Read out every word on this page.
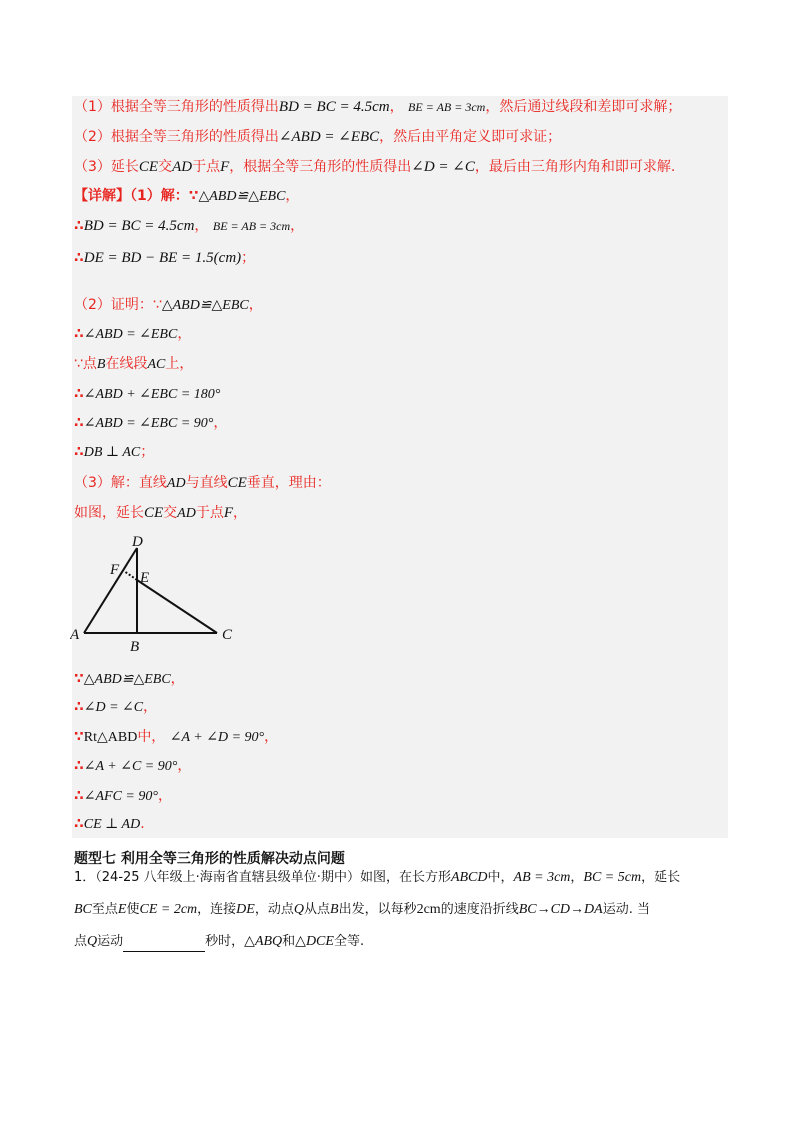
（1）根据全等三角形的性质得出BD = BC = 4.5cm， BE = AB = 3cm，然后通过线段和差即可求解；
（2）根据全等三角形的性质得出∠ABD = ∠EBC，然后由平角定义即可求证；
（3）延长CE交AD于点F，根据全等三角形的性质得出∠D = ∠C，最后由三角形内角和即可求解.
【详解】（1）解：∵△ABD≌△EBC，
∴BD = BC = 4.5cm， BE = AB = 3cm，
∴DE = BD − BE = 1.5(cm)；
（2）证明：∵△ABD≌△EBC，
∴∠ABD = ∠EBC，
∵点B在线段AC上，
∴∠ABD + ∠EBC = 180°
∴∠ABD = ∠EBC = 90°，
∴DB ⊥ AC；
（3）解：直线AD与直线CE垂直，理由：
如图，延长CE交AD于点F，
D
F E
A
B
C
∵△ABD≌△EBC，
∴∠D = ∠C，
∵Rt△ABD中， ∠A + ∠D = 90°，
∴∠A + ∠C = 90°，
∴∠AFC = 90°，
∴CE ⊥ AD.
题型七 利用全等三角形的性质解决动点问题
1．（24-25 八年级上·海南省直辖县级单位·期中）如图，在长方形ABCD中，AB = 3cm，BC = 5cm，延长
BC至点E使CE = 2cm，连接DE，动点Q从点B出发，以每秒2cm的速度沿折线BC→CD→DA运动. 当
点Q运动	秒时，△ABQ和△DCE全等.
